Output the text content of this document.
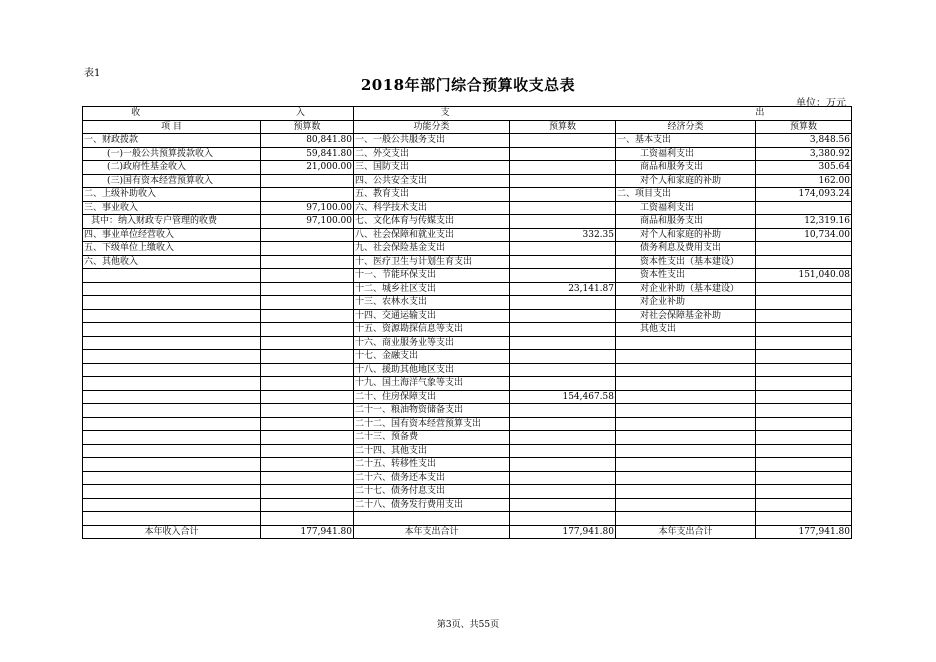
表1
2018年部门综合预算收支总表
单位：万元
收 入		支 出			
项 目	预算数	功能分类	预算数	经济分类	预算数
一、财政拨款	80,841.80	一、一般公共服务支出		一、基本支出	3,848.56
(一)一般公共预算拨款收入	59,841.80	二、外交支出		工资福利支出	3,380.92
(二)政府性基金收入	21,000.00	三、国防支出		商品和服务支出	305.64
(三)国有资本经营预算收入		四、公共安全支出		对个人和家庭的补助	162.00
二、上级补助收入		五、教育支出		二、项目支出	174,093.24
三、事业收入	97,100.00	六、科学技术支出		工资福利支出	
其中：纳入财政专户管理的收费	97,100.00	七、文化体育与传媒支出		商品和服务支出	12,319.16
四、事业单位经营收入		八、社会保障和就业支出	332.35	对个人和家庭的补助	10,734.00
五、下级单位上缴收入		九、社会保险基金支出		债务利息及费用支出	
六、其他收入		十、医疗卫生与计划生育支出		资本性支出（基本建设）	
		十一、节能环保支出		资本性支出	151,040.08
		十二、城乡社区支出	23,141.87	对企业补助（基本建设）	
		十三、农林水支出		对企业补助	
		十四、交通运输支出		对社会保障基金补助	
		十五、资源勘探信息等支出		其他支出	
		十六、商业服务业等支出			
		十七、金融支出			
		十八、援助其他地区支出			
		十九、国土海洋气象等支出			
		二十、住房保障支出	154,467.58		
		二十一、粮油物资储备支出			
		二十二、国有资本经营预算支出			
		二十三、预备费			
		二十四、其他支出			
		二十五、转移性支出			
		二十六、债务还本支出			
		二十七、债务付息支出			
		二十八、债务发行费用支出			

本年收入合计	177,941.80	本年支出合计	177,941.80	本年支出合计	177,941.80
第3页、共55页
